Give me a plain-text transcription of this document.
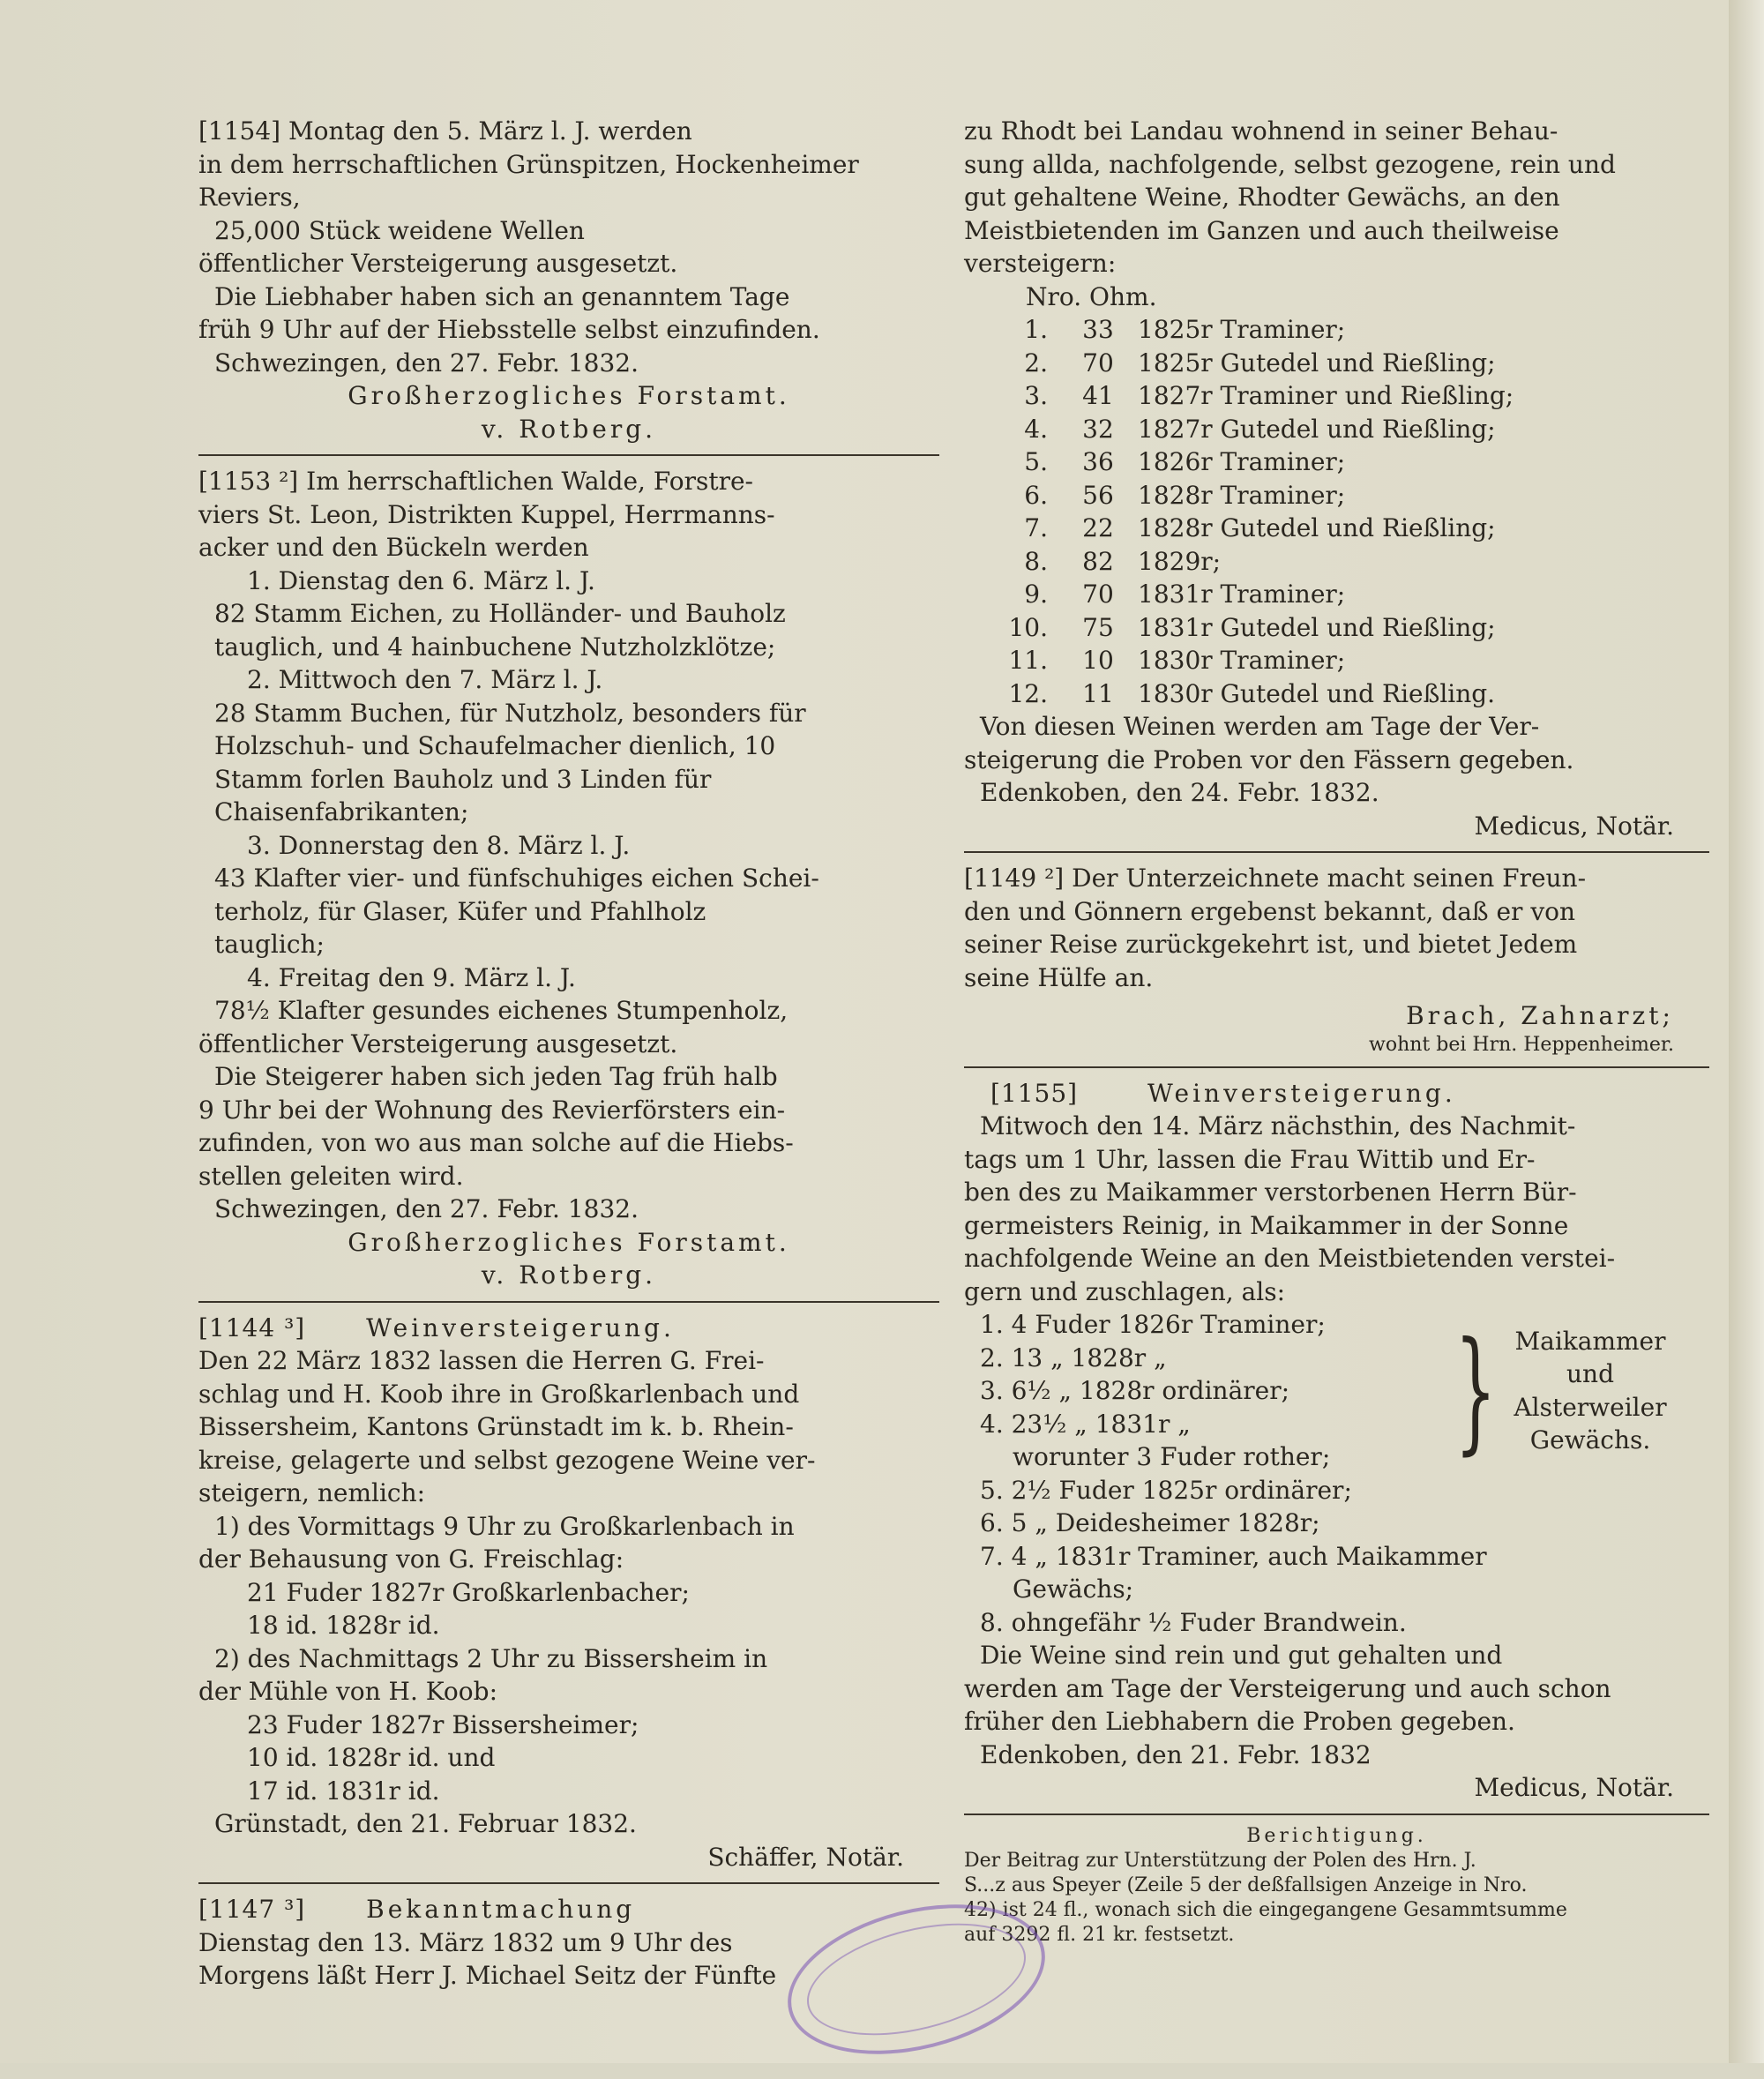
[1154] Montag den 5. März l. J. werden
in dem herrschaftlichen Grünspitzen, Hockenheimer
Reviers,
25,000 Stück weidene Wellen
öffentlicher Versteigerung ausgesetzt.
Die Liebhaber haben sich an genanntem Tage
früh 9 Uhr auf der Hiebsstelle selbst einzufinden.
Schwezingen, den 27. Febr. 1832.
Großherzogliches Forstamt.
v. Rotberg.
[1153 ²] Im herrschaftlichen Walde, Forstre-
viers St. Leon, Distrikten Kuppel, Herrmanns-
acker und den Bückeln werden
1. Dienstag den 6. März l. J.
82 Stamm Eichen, zu Holländer- und Bauholz
tauglich, und 4 hainbuchene Nutzholzklötze;
2. Mittwoch den 7. März l. J.
28 Stamm Buchen, für Nutzholz, besonders für
Holzschuh- und Schaufelmacher dienlich, 10
Stamm forlen Bauholz und 3 Linden für
Chaisenfabrikanten;
3. Donnerstag den 8. März l. J.
43 Klafter vier- und fünfschuhiges eichen Schei-
terholz, für Glaser, Küfer und Pfahlholz
tauglich;
4. Freitag den 9. März l. J.
78½ Klafter gesundes eichenes Stumpenholz,
öffentlicher Versteigerung ausgesetzt.
Die Steigerer haben sich jeden Tag früh halb
9 Uhr bei der Wohnung des Revierförsters ein-
zufinden, von wo aus man solche auf die Hiebs-
stellen geleiten wird.
Schwezingen, den 27. Febr. 1832.
Großherzogliches Forstamt.
v. Rotberg.
[1144 ³] Weinversteigerung.
Den 22 März 1832 lassen die Herren G. Frei-
schlag und H. Koob ihre in Großkarlenbach und
Bissersheim, Kantons Grünstadt im k. b. Rhein-
kreise, gelagerte und selbst gezogene Weine ver-
steigern, nemlich:
1) des Vormittags 9 Uhr zu Großkarlenbach in
der Behausung von G. Freischlag:
21 Fuder 1827r Großkarlenbacher;
18 id. 1828r id.
2) des Nachmittags 2 Uhr zu Bissersheim in
der Mühle von H. Koob:
23 Fuder 1827r Bissersheimer;
10 id. 1828r id. und
17 id. 1831r id.
Grünstadt, den 21. Februar 1832.
Schäffer, Notär.
[1147 ³] Bekanntmachung
Dienstag den 13. März 1832 um 9 Uhr des
Morgens läßt Herr J. Michael Seitz der Fünfte
zu Rhodt bei Landau wohnend in seiner Behau-
sung allda, nachfolgende, selbst gezogene, rein und
gut gehaltene Weine, Rhodter Gewächs, an den
Meistbietenden im Ganzen und auch theilweise
versteigern:
Nro. Ohm.
1.	33 1825r Traminer;
2.	70 1825r Gutedel und Rießling;
3.	41 1827r Traminer und Rießling;
4.	32 1827r Gutedel und Rießling;
5.	36 1826r Traminer;
6.	56 1828r Traminer;
7.	22 1828r Gutedel und Rießling;
8.	82 1829r;
9.	70 1831r Traminer;
10.	75 1831r Gutedel und Rießling;
11.	10 1830r Traminer;
12.	11 1830r Gutedel und Rießling.
Von diesen Weinen werden am Tage der Ver-
steigerung die Proben vor den Fässern gegeben.
Edenkoben, den 24. Febr. 1832.
Medicus, Notär.
[1149 ²] Der Unterzeichnete macht seinen Freun-
den und Gönnern ergebenst bekannt, daß er von
seiner Reise zurückgekehrt ist, und bietet Jedem
seine Hülfe an.
Brach, Zahnarzt;
wohnt bei Hrn. Heppenheimer.
[1155]	Weinversteigerung.
Mitwoch den 14. März nächsthin, des Nachmit-
tags um 1 Uhr, lassen die Frau Wittib und Er-
ben des zu Maikammer verstorbenen Herrn Bür-
germeisters Reinig, in Maikammer in der Sonne
nachfolgende Weine an den Meistbietenden verstei-
gern und zuschlagen, als:
1. 4 Fuder 1826r Traminer;
2. 13 „ 1828r „
3. 6½ „ 1828r ordinärer;
4. 23½ „ 1831r „
worunter 3 Fuder rother; } Maikammer
und
Alsterweiler
Gewächs.
5. 2½ Fuder 1825r ordinärer;
6. 5 „ Deidesheimer 1828r;
7. 4 „ 1831r Traminer, auch Maikammer
Gewächs;
8. ohngefähr ½ Fuder Brandwein.
Die Weine sind rein und gut gehalten und
werden am Tage der Versteigerung und auch schon
früher den Liebhabern die Proben gegeben.
Edenkoben, den 21. Febr. 1832
Medicus, Notär.
Berichtigung.
Der Beitrag zur Unterstützung der Polen des Hrn. J.
S...z aus Speyer (Zeile 5 der deßfallsigen Anzeige in Nro.
42) ist 24 fl., wonach sich die eingegangene Gesammtsumme
auf 3292 fl. 21 kr. festsetzt.
